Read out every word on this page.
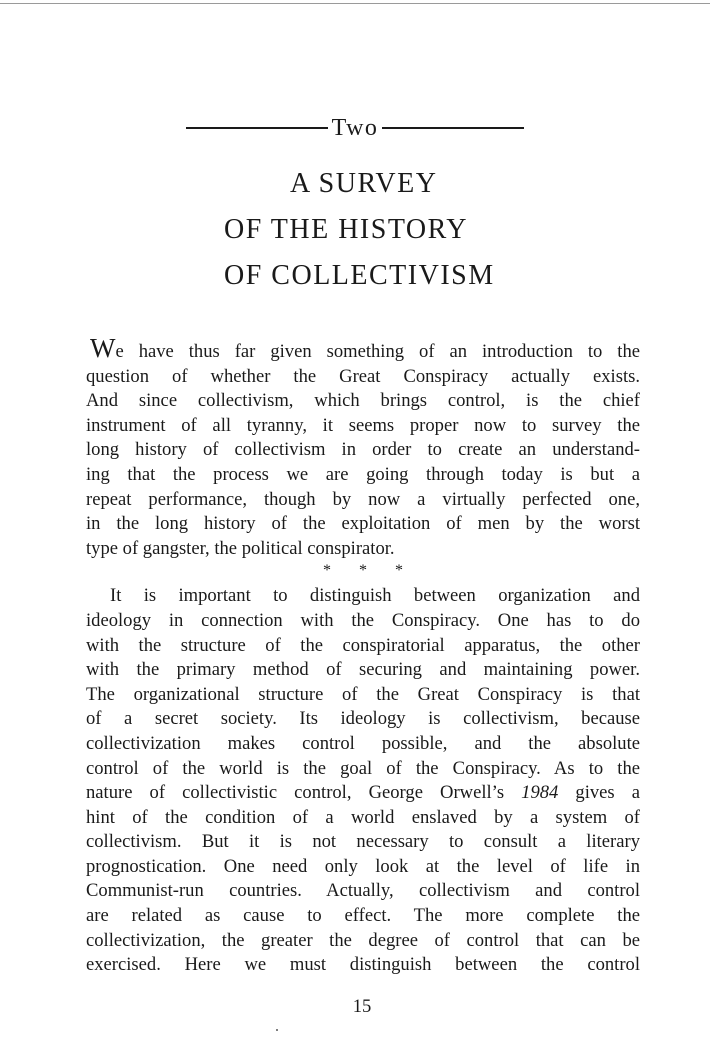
Two
A SURVEY
OF THE HISTORY
OF COLLECTIVISM
We have thus far given something of an introduction to the
question of whether the Great Conspiracy actually exists.
And since collectivism, which brings control, is the chief
instrument of all tyranny, it seems proper now to survey the
long history of collectivism in order to create an understand-
ing that the process we are going through today is but a
repeat performance, though by now a virtually perfected one,
in the long history of the exploitation of men by the worst
type of gangster, the political conspirator.
* * *
It is important to distinguish between organization and
ideology in connection with the Conspiracy. One has to do
with the structure of the conspiratorial apparatus, the other
with the primary method of securing and maintaining power.
The organizational structure of the Great Conspiracy is that
of a secret society. Its ideology is collectivism, because
collectivization makes control possible, and the absolute
control of the world is the goal of the Conspiracy. As to the
nature of collectivistic control, George Orwell’s 1984 gives a
hint of the condition of a world enslaved by a system of
collectivism. But it is not necessary to consult a literary
prognostication. One need only look at the level of life in
Communist-run countries. Actually, collectivism and control
are related as cause to effect. The more complete the
collectivization, the greater the degree of control that can be
exercised. Here we must distinguish between the control
15
